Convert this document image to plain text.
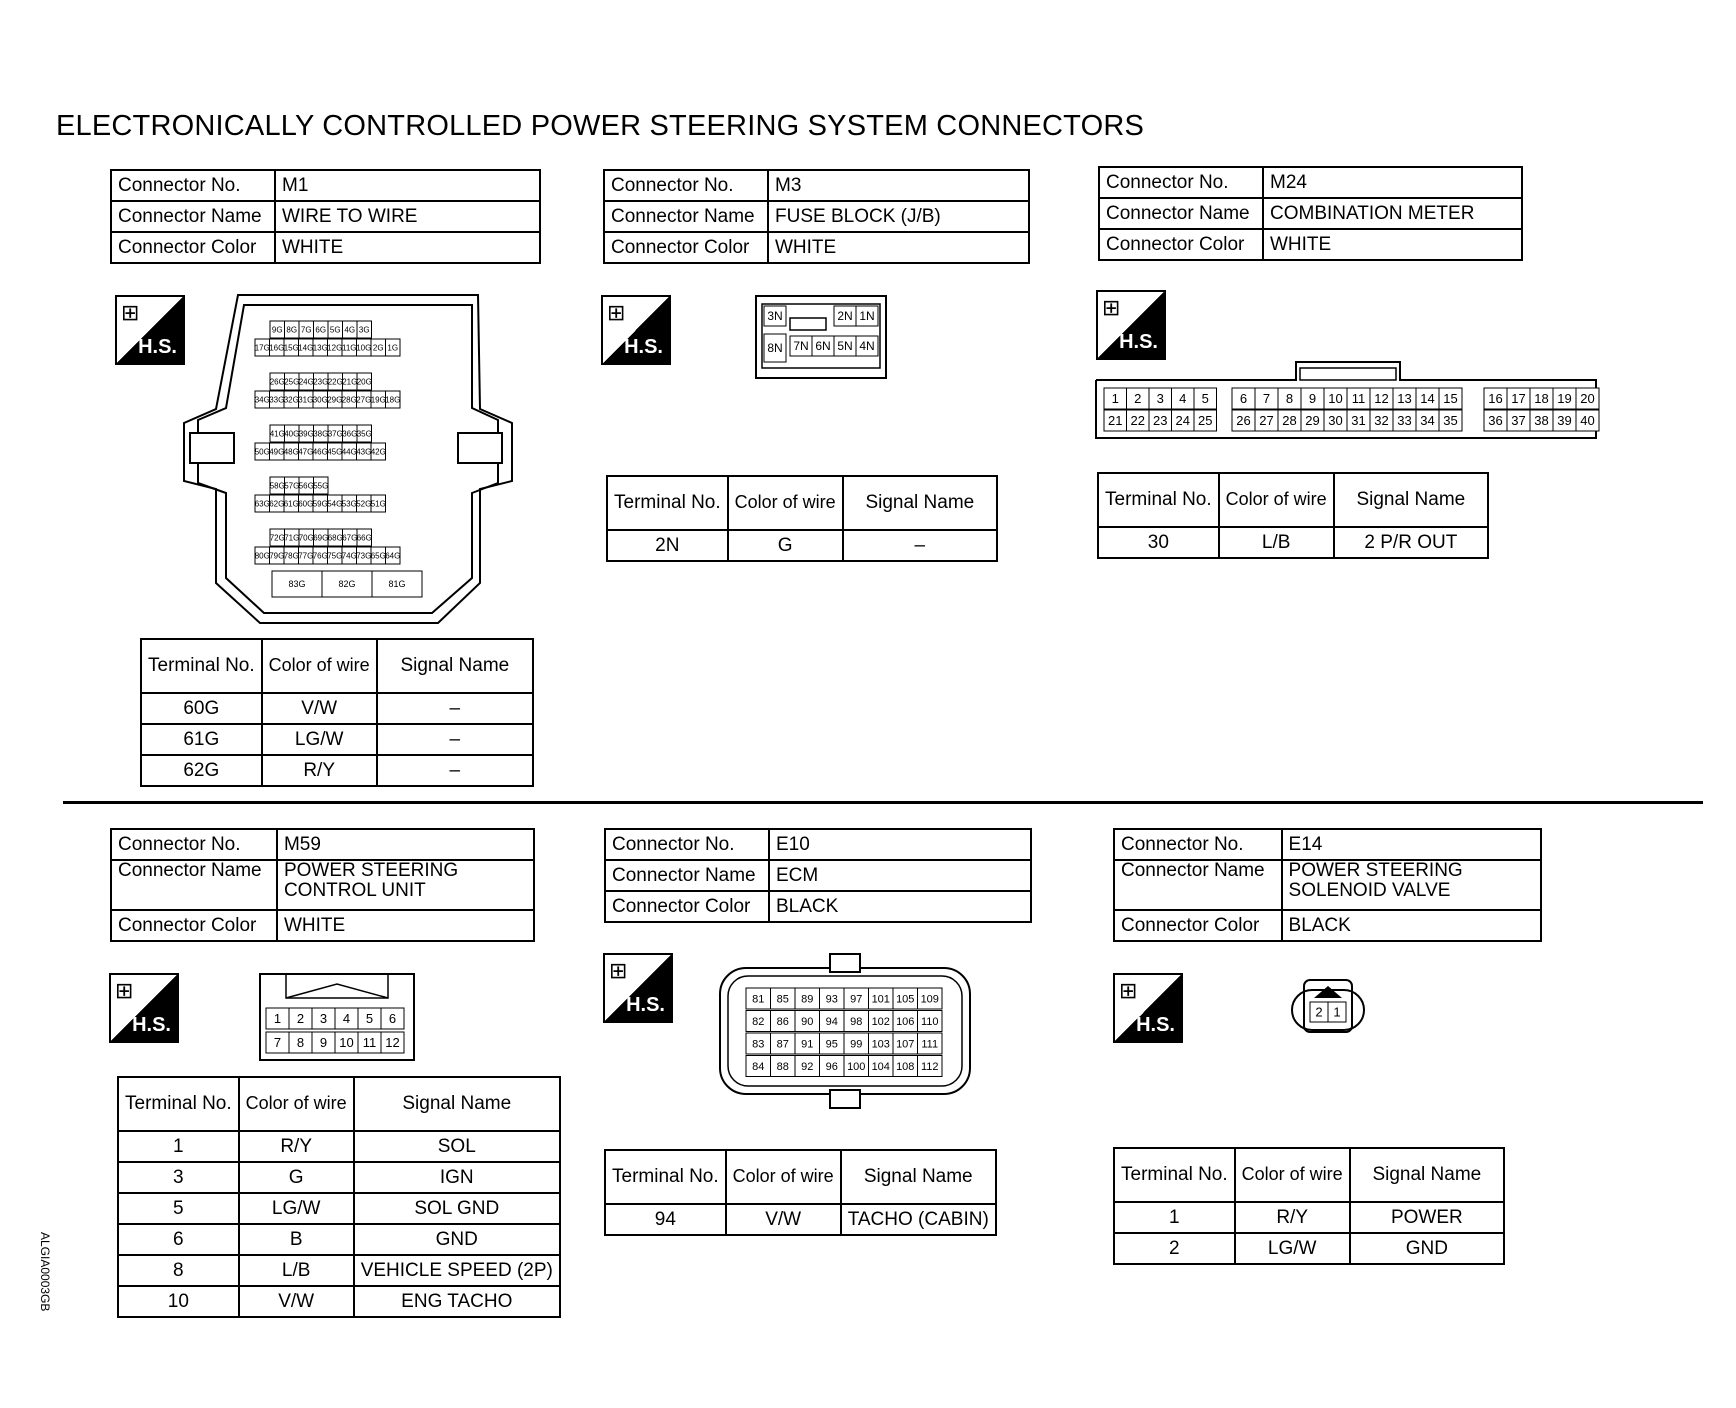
ELECTRONICALLY CONTROLLED POWER STEERING SYSTEM CONNECTORS
ALGIA0003GB
Connector No.	M1
Connector Name	WIRE TO WIRE
Connector Color	WHITE
⊞
H.S.
9G 8G 7G 6G 5G 4G 3G
17G 16G 15G 14G 13G 12G 11G 10G 2G 1G
26G 25G 24G 23G 22G 21G 20G
34G 33G 32G 31G 30G 29G 28G 27G 19G 18G
41G 40G 39G 38G 37G 36G 35G
50G 49G 48G 47G 46G 45G 44G 43G 42G
58G 57G 56G 55G
63G 62G 61G 60G 59G 54G 53G 52G 51G
72G 71G 70G 69G 68G 67G 66G
80G 79G 78G 77G 76G 75G 74G 73G 65G 64G
83G	82G	81G
Terminal No.	Color of wire	Signal Name
60G	V/W	–
61G	LG/W	–
62G	R/Y	–
Connector No.	M3
Connector Name	FUSE BLOCK (J/B)
Connector Color	WHITE
⊞
H.S.
3N	2N 1N
8N 7N 6N 5N 4N
Terminal No.	Color of wire	Signal Name
2N	G	–
Connector No.	M24
Connector Name	COMBINATION METER
Connector Color	WHITE
⊞
H.S.
1 2 3 4 5 6 7 8 9 10 11 12 13 14 15 16 17 18 19 20
21 22 23 24 25 26 27 28 29 30 31 32 33 34 35 36 37 38 39 40
Terminal No.	Color of wire	Signal Name
30	L/B	2 P/R OUT
Connector No.	M59
Connector Name	POWER STEERING CONTROL UNIT
Connector Color	WHITE
⊞
H.S.	1 2 3 4 5 6
7 8 9 10 11 12
Terminal No.	Color of wire	Signal Name
1	R/Y	SOL
3	G	IGN
5	LG/W	SOL GND
6	B	GND
8	L/B	VEHICLE SPEED (2P)
10	V/W	ENG TACHO
Connector No.	E10
Connector Name	ECM
Connector Color	BLACK
⊞
H.S.	81 85 89 93 97 101 105 109
82 86 90 94 98 102 106 110
83 87 91 95 99 103 107 111
84 88 92 96 100 104 108 112
Terminal No.	Color of wire	Signal Name
94	V/W	TACHO (CABIN)
Connector No.	E14
Connector Name	POWER STEERING SOLENOID VALVE
Connector Color	BLACK
⊞
H.S.
2 1
Terminal No.	Color of wire	Signal Name
1	R/Y	POWER
2	LG/W	GND
